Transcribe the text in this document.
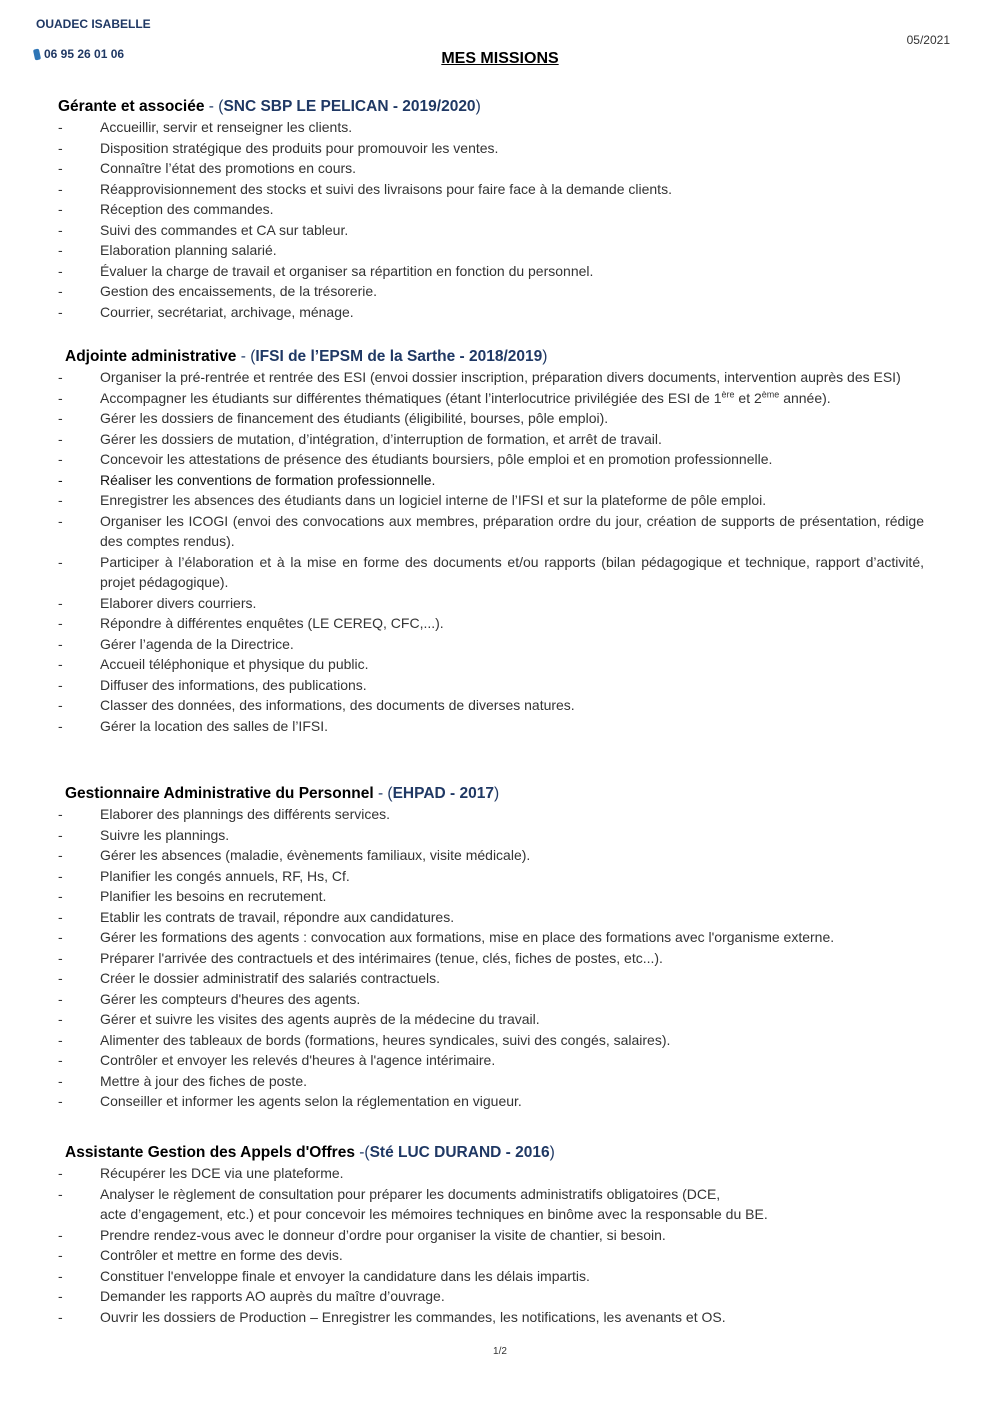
OUADEC ISABELLE
06 95 26 01 06
05/2021
MES MISSIONS
Gérante et associée - (SNC SBP LE PELICAN - 2019/2020)
- Accueillir, servir et renseigner les clients.
- Disposition stratégique des produits pour promouvoir les ventes.
- Connaître l’état des promotions en cours.
- Réapprovisionnement des stocks et suivi des livraisons pour faire face à la demande clients.
- Réception des commandes.
- Suivi des commandes et CA sur tableur.
- Elaboration planning salarié.
- Évaluer la charge de travail et organiser sa répartition en fonction du personnel.
- Gestion des encaissements, de la trésorerie.
- Courrier, secrétariat, archivage, ménage.
Adjointe administrative - (IFSI de l’EPSM de la Sarthe - 2018/2019)
- Organiser la pré-rentrée et rentrée des ESI (envoi dossier inscription, préparation divers documents, intervention auprès des ESI)
- Accompagner les étudiants sur différentes thématiques (étant l’interlocutrice privilégiée des ESI de 1ère et 2ème année).
- Gérer les dossiers de financement des étudiants (éligibilité, bourses, pôle emploi).
- Gérer les dossiers de mutation, d’intégration, d’interruption de formation, et arrêt de travail.
- Concevoir les attestations de présence des étudiants boursiers, pôle emploi et en promotion professionnelle.
- Réaliser les conventions de formation professionnelle.
- Enregistrer les absences des étudiants dans un logiciel interne de l’IFSI et sur la plateforme de pôle emploi.
- Organiser les ICOGI (envoi des convocations aux membres, préparation ordre du jour, création de supports de présentation, rédige des comptes rendus).
- Participer à l’élaboration et à la mise en forme des documents et/ou rapports (bilan pédagogique et technique, rapport d’activité, projet pédagogique).
- Elaborer divers courriers.
- Répondre à différentes enquêtes (LE CEREQ, CFC,...).
- Gérer l’agenda de la Directrice.
- Accueil téléphonique et physique du public.
- Diffuser des informations, des publications.
- Classer des données, des informations, des documents de diverses natures.
- Gérer la location des salles de l’IFSI.
Gestionnaire Administrative du Personnel - (EHPAD - 2017)
- Elaborer des plannings des différents services.
- Suivre les plannings.
- Gérer les absences (maladie, évènements familiaux, visite médicale).
- Planifier les congés annuels, RF, Hs, Cf.
- Planifier les besoins en recrutement.
- Etablir les contrats de travail, répondre aux candidatures.
- Gérer les formations des agents : convocation aux formations, mise en place des formations avec l'organisme externe.
- Préparer l'arrivée des contractuels et des intérimaires (tenue, clés, fiches de postes, etc...).
- Créer le dossier administratif des salariés contractuels.
- Gérer les compteurs d'heures des agents.
- Gérer et suivre les visites des agents auprès de la médecine du travail.
- Alimenter des tableaux de bords (formations, heures syndicales, suivi des congés, salaires).
- Contrôler et envoyer les relevés d'heures à l'agence intérimaire.
- Mettre à jour des fiches de poste.
- Conseiller et informer les agents selon la réglementation en vigueur.
Assistante Gestion des Appels d'Offres -(Sté LUC DURAND - 2016)
- Récupérer les DCE via une plateforme.
- Analyser le règlement de consultation pour préparer les documents administratifs obligatoires (DCE,
acte d’engagement, etc.) et pour concevoir les mémoires techniques en binôme avec la responsable du BE.
- Prendre rendez-vous avec le donneur d’ordre pour organiser la visite de chantier, si besoin.
- Contrôler et mettre en forme des devis.
- Constituer l'enveloppe finale et envoyer la candidature dans les délais impartis.
- Demander les rapports AO auprès du maître d’ouvrage.
- Ouvrir les dossiers de Production – Enregistrer les commandes, les notifications, les avenants et OS.
1/2
